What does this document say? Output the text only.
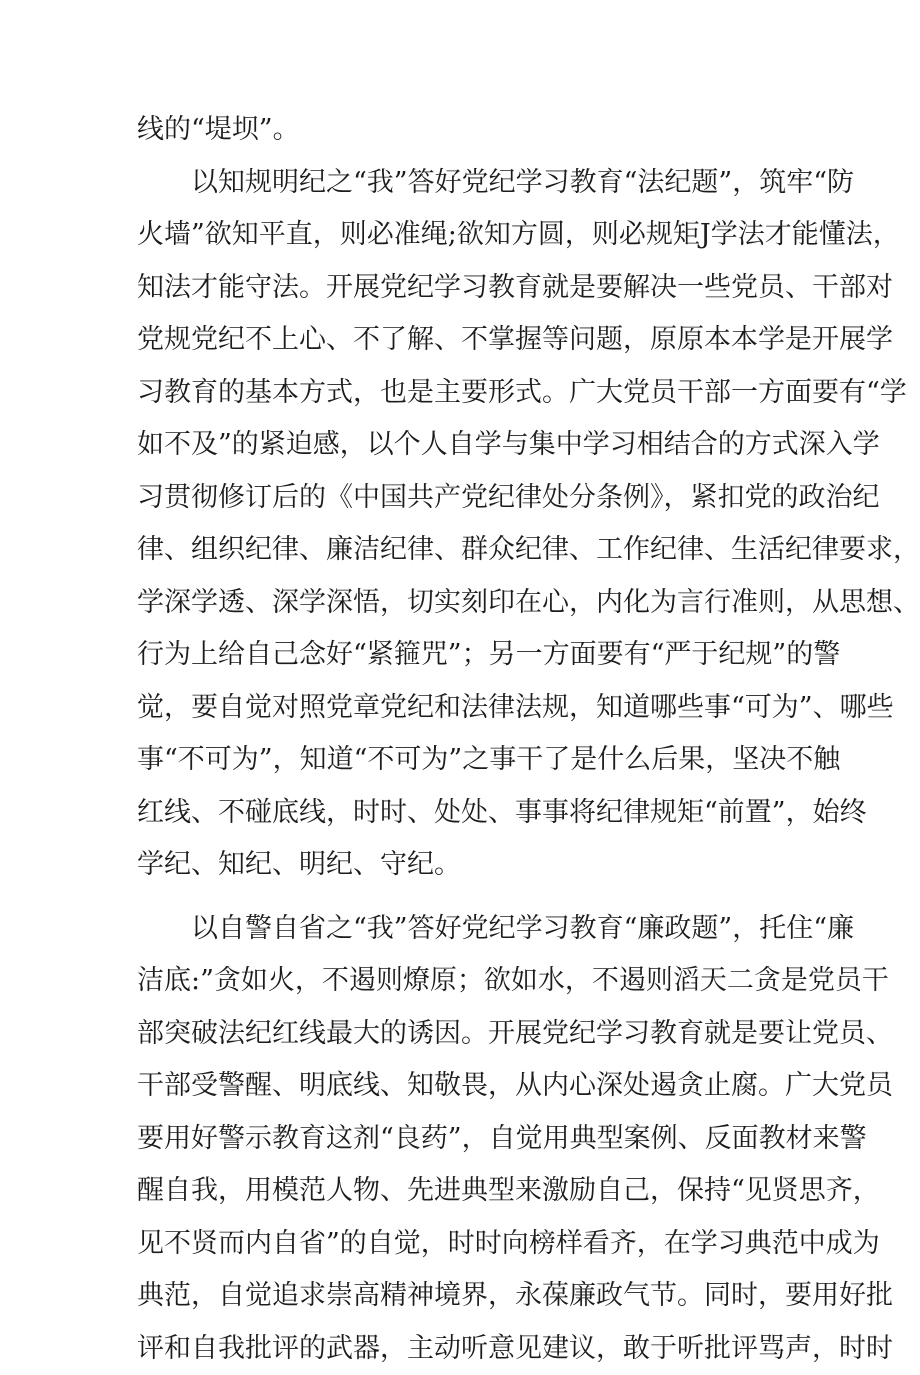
线的“堤坝”。
以知规明纪之“我”答好党纪学习教育“法纪题”，筑牢“防
火墙”欲知平直，则必准绳;欲知方圆，则必规矩J学法才能懂法，
知法才能守法。开展党纪学习教育就是要解决一些党员、干部对
党规党纪不上心、不了解、不掌握等问题，原原本本学是开展学
习教育的基本方式，也是主要形式。广大党员干部一方面要有“学
如不及”的紧迫感，以个人自学与集中学习相结合的方式深入学
习贯彻修订后的《中国共产党纪律处分条例》，紧扣党的政治纪
律、组织纪律、廉洁纪律、群众纪律、工作纪律、生活纪律要求，
学深学透、深学深悟，切实刻印在心，内化为言行准则，从思想、
行为上给自己念好“紧箍咒”；另一方面要有“严于纪规”的警
觉，要自觉对照党章党纪和法律法规，知道哪些事“可为”、哪些
事“不可为”，知道“不可为”之事干了是什么后果，坚决不触
红线、不碰底线，时时、处处、事事将纪律规矩“前置”，始终
学纪、知纪、明纪、守纪。
以自警自省之“我”答好党纪学习教育“廉政题”，托住“廉
洁底:”贪如火，不遏则燎原；欲如水，不遏则滔天二贪是党员干
部突破法纪红线最大的诱因。开展党纪学习教育就是要让党员、
干部受警醒、明底线、知敬畏，从内心深处遏贪止腐。广大党员
要用好警示教育这剂“良药”，自觉用典型案例、反面教材来警
醒自我，用模范人物、先进典型来激励自己，保持“见贤思齐，
见不贤而内自省”的自觉，时时向榜样看齐，在学习典范中成为
典范，自觉追求崇高精神境界，永葆廉政气节。同时，要用好批
评和自我批评的武器，主动听意见建议，敢于听批评骂声，时时
